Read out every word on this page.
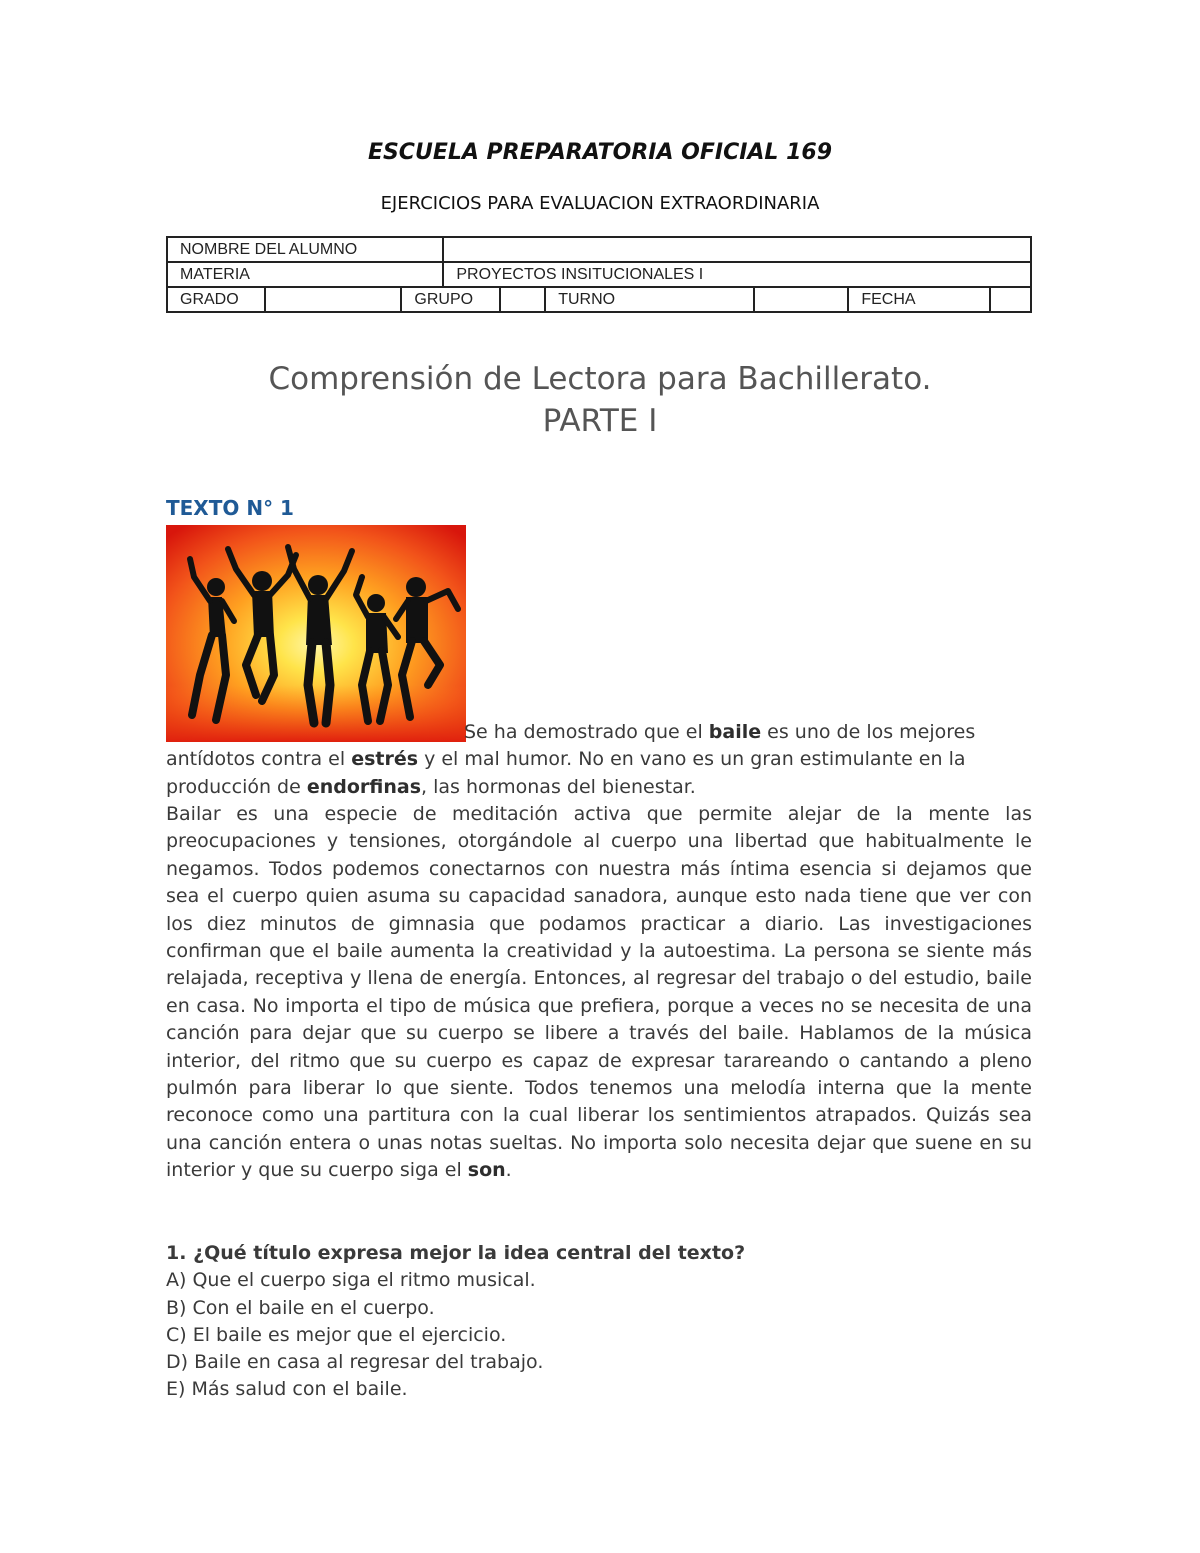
ESCUELA PREPARATORIA OFICIAL 169
EJERCICIOS PARA EVALUACION EXTRAORDINARIA
NOMBRE DEL ALUMNO								
MATERIA			PROYECTOS INSITUCIONALES I					
GRADO		GRUPO			TURNO		FECHA	
Comprensión de Lectora para Bachillerato.
PARTE I
TEXTO N° 1
Se ha demostrado que el baile es uno de los mejores antídotos contra el estrés y el mal humor. No en vano es un gran estimulante en la producción de endorfinas, las hormonas del bienestar.
Bailar es una especie de meditación activa que permite alejar de la mente las preocupaciones y tensiones, otorgándole al cuerpo una libertad que habitualmente le negamos. Todos podemos conectarnos con nuestra más íntima esencia si dejamos que sea el cuerpo quien asuma su capacidad sanadora, aunque esto nada tiene que ver con los diez minutos de gimnasia que podamos practicar a diario. Las investigaciones confirman que el baile aumenta la creatividad y la autoestima. La persona se siente más relajada, receptiva y llena de energía. Entonces, al regresar del trabajo o del estudio, baile en casa. No importa el tipo de música que prefiera, porque a veces no se necesita de una canción para dejar que su cuerpo se libere a través del baile. Hablamos de la música interior, del ritmo que su cuerpo es capaz de expresar tarareando o cantando a pleno pulmón para liberar lo que siente. Todos tenemos una melodía interna que la mente reconoce como una partitura con la cual liberar los sentimientos atrapados. Quizás sea una canción entera o unas notas sueltas. No importa solo necesita dejar que suene en su interior y que su cuerpo siga el son.
1. ¿Qué título expresa mejor la idea central del texto?
A) Que el cuerpo siga el ritmo musical.
B) Con el baile en el cuerpo.
C) El baile es mejor que el ejercicio.
D) Baile en casa al regresar del trabajo.
E) Más salud con el baile.
